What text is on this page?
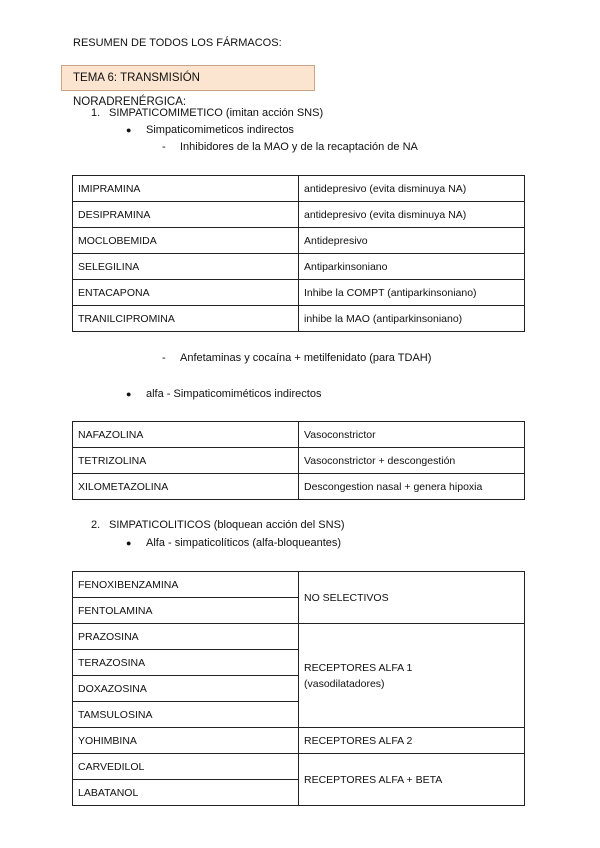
RESUMEN DE TODOS LOS FÁRMACOS:
TEMA 6: TRANSMISIÓN NORADRENÉRGICA:
1. SIMPATICOMIMETICO (imitan acción SNS)
● Simpaticomimeticos indirectos
- Inhibidores de la MAO y de la recaptación de NA
IMIPRAMINA	antidepresivo (evita disminuya NA)
DESIPRAMINA	antidepresivo (evita disminuya NA)
MOCLOBEMIDA	Antidepresivo
SELEGILINA	Antiparkinsoniano
ENTACAPONA	Inhibe la COMPT (antiparkinsoniano)
TRANILCIPROMINA	inhibe la MAO (antiparkinsoniano)
- Anfetaminas y cocaína + metilfenidato (para TDAH)
● alfa - Simpaticomiméticos indirectos
NAFAZOLINA	Vasoconstrictor
TETRIZOLINA	Vasoconstrictor + descongestión
XILOMETAZOLINA	Descongestion nasal + genera hipoxia
2. SIMPATICOLITICOS (bloquean acción del SNS)
● Alfa - simpaticolíticos (alfa-bloqueantes)
FENOXIBENZAMINA	NO SELECTIVOS
FENTOLAMINA	
PRAZOSINA	RECEPTORES ALFA 1
(vasodilatadores)

TERAZOSINA	
DOXAZOSINA	
TAMSULOSINA	
YOHIMBINA	RECEPTORES ALFA 2
CARVEDILOL	RECEPTORES ALFA + BETA
LABATANOL	
